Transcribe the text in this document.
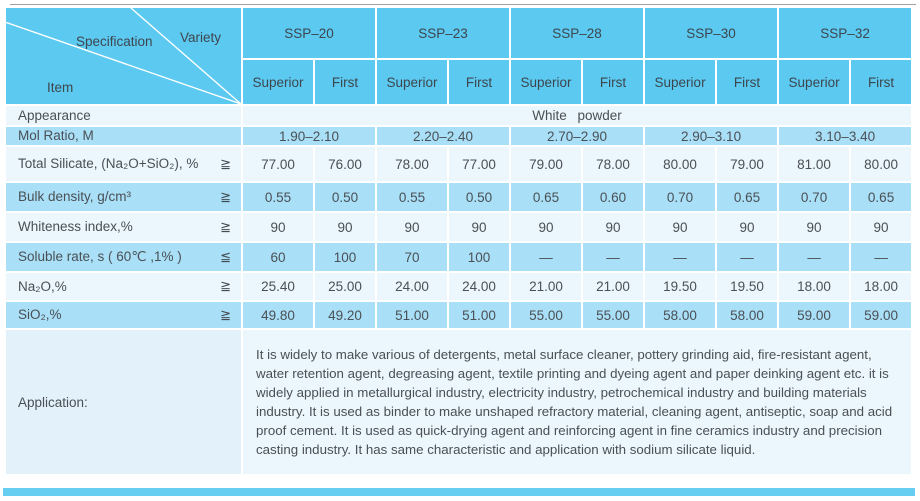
Specification Variety
Item	SSP–20		SSP–23		SSP–28		SSP–30		SSP–32	
	Superior	First	Superior	First	Superior	First	Superior	First	Superior	First

Appearance	White powder									

Mol Ratio, M	1.90–2.10		2.20–2.40		2.70–2.90		2.90–3.10		3.10–3.40	

Total Silicate, (Na₂O+SiO₂), % ≧	77.00	76.00	78.00	77.00	79.00	78.00	80.00	79.00	81.00	80.00

Bulk density, g/cm³ ≧	0.55	0.50	0.55	0.50	0.65	0.60	0.70	0.65	0.70	0.65

Whiteness index,% ≧	90	90	90	90	90	90	90	90	90	90

Soluble rate, s ( 60℃ ,1% ) ≦	60	100	70	100	—	—	—	—	—	—

Na₂O,% ≧	25.40	25.00	24.00	24.00	21.00	21.00	19.50	19.50	18.00	18.00

SiO₂,% ≧	49.80	49.20	51.00	51.00	55.00	55.00	58.00	58.00	59.00	59.00
Application:	It is widely to make various of detergents, metal surface cleaner, pottery grinding aid, fire-resistant agent, water retention agent, degreasing agent, textile printing and dyeing agent and paper deinking agent etc. it is widely applied in metallurgical industry, electricity industry, petrochemical industry and building materials industry. It is used as binder to make unshaped refractory material, cleaning agent, antiseptic, soap and acid proof cement. It is used as quick-drying agent and reinforcing agent in fine ceramics industry and precision casting industry. It has same characteristic and application with sodium silicate liquid.									
